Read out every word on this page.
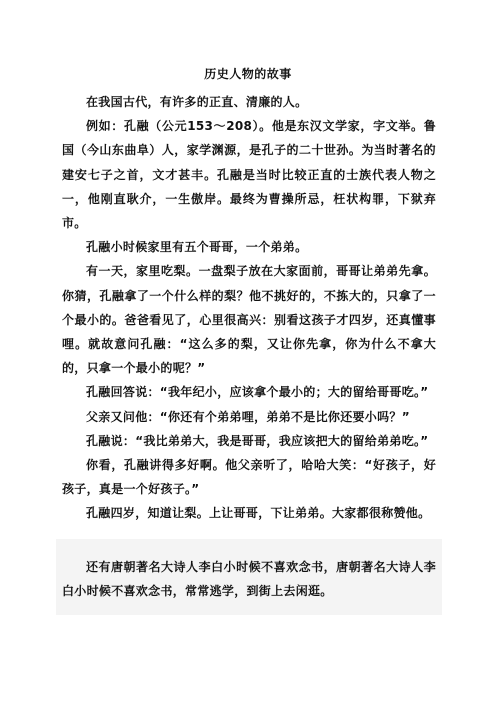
历史人物的故事

在我国古代，有许多的正直、清廉的人。

例如：孔融（公元153～208）。他是东汉文学家，字文举。鲁国（今山东曲阜）人，家学渊源，是孔子的二十世孙。为当时著名的建安七子之首，文才甚丰。孔融是当时比较正直的士族代表人物之一，他刚直耿介，一生傲岸。最终为曹操所忌，枉状构罪，下狱弃市。

孔融小时候家里有五个哥哥，一个弟弟。

有一天，家里吃梨。一盘梨子放在大家面前，哥哥让弟弟先拿。你猜，孔融拿了一个什么样的梨？他不挑好的，不拣大的，只拿了一个最小的。爸爸看见了，心里很高兴：别看这孩子才四岁，还真懂事哩。就故意问孔融：“这么多的梨，又让你先拿，你为什么不拿大的，只拿一个最小的呢？”

孔融回答说：“我年纪小，应该拿个最小的；大的留给哥哥吃。”

父亲又问他：“你还有个弟弟哩，弟弟不是比你还要小吗？”

孔融说：“我比弟弟大，我是哥哥，我应该把大的留给弟弟吃。”

你看，孔融讲得多好啊。他父亲听了，哈哈大笑：“好孩子，好孩子，真是一个好孩子。”

孔融四岁，知道让梨。上让哥哥，下让弟弟。大家都很称赞他。

还有唐朝著名大诗人李白小时候不喜欢念书，唐朝著名大诗人李白小时候不喜欢念书，常常逃学，到街上去闲逛。
